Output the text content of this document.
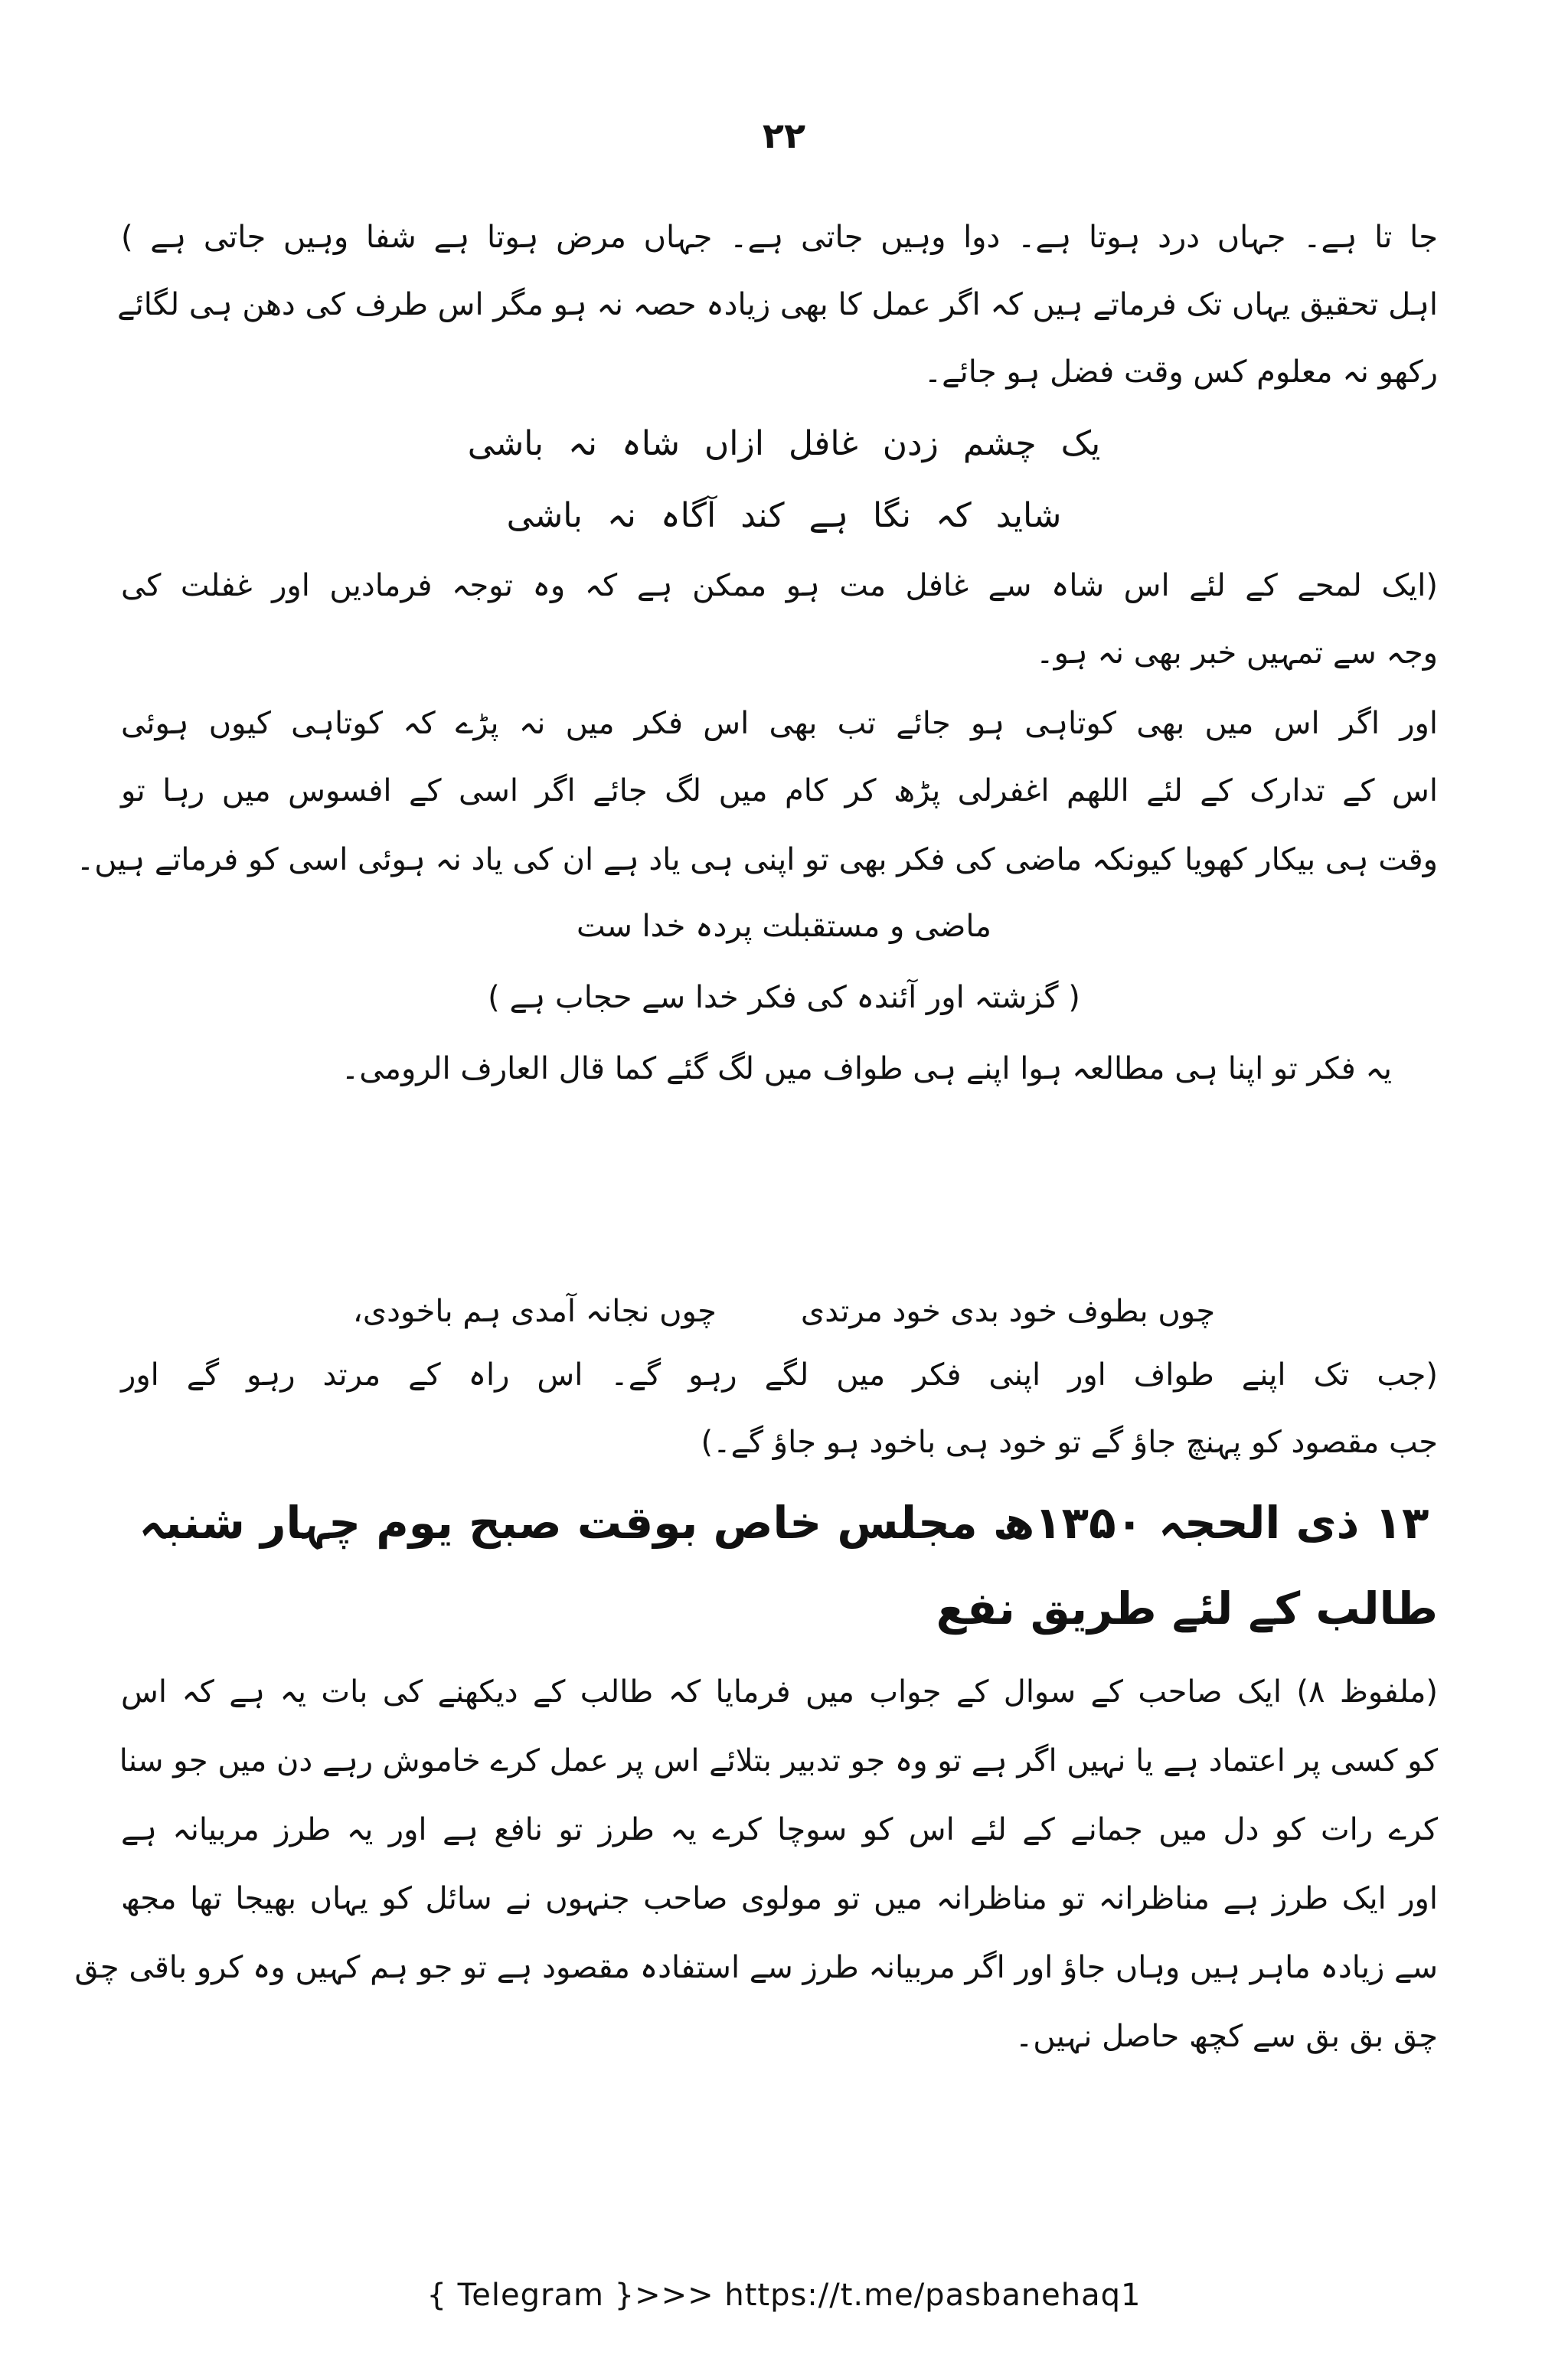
۲۲
جا تا ہے۔ جہاں درد ہوتا ہے۔ دوا وہیں جاتی ہے۔ جہاں مرض ہوتا ہے شفا وہیں جاتی ہے )
اہل تحقیق یہاں تک فرماتے ہیں کہ اگر عمل کا بھی زیادہ حصہ نہ ہو مگر اس طرف کی دھن ہی لگائے
رکھو نہ معلوم کس وقت فضل ہو جائے۔
یک چشم زدن غافل ازاں شاہ نہ باشی
شاید کہ نگا ہے کند آگاہ نہ باشی
(ایک لمحے کے لئے اس شاہ سے غافل مت ہو ممکن ہے کہ وہ توجہ فرمادیں اور غفلت کی
وجہ سے تمہیں خبر بھی نہ ہو۔
اور اگر اس میں بھی کوتاہی ہو جائے تب بھی اس فکر میں نہ پڑے کہ کوتاہی کیوں ہوئی
اس کے تدارک کے لئے اللھم اغفرلی پڑھ کر کام میں لگ جائے اگر اسی کے افسوس میں رہا تو
وقت ہی بیکار کھویا کیونکہ ماضی کی فکر بھی تو اپنی ہی یاد ہے ان کی یاد نہ ہوئی اسی کو فرماتے ہیں۔
ماضی و مستقبلت پردہ خدا ست
( گزشتہ اور آئندہ کی فکر خدا سے حجاب ہے )
یہ فکر تو اپنا ہی مطالعہ ہوا اپنے ہی طواف میں لگ گئے کما قال العارف الرومی۔
چوں بطوف خود بدی خود مرتدی
چوں نجانہ آمدی ہم باخودی،
(جب تک اپنے طواف اور اپنی فکر میں لگے رہو گے۔ اس راہ کے مرتد رہو گے اور
جب مقصود کو پہنچ جاؤ گے تو خود ہی باخود ہو جاؤ گے۔)
۱۳ ذی الحجہ ۱۳۵۰ھ مجلس خاص بوقت صبح یوم چہار شنبہ
طالب کے لئے طریق نفع
(ملفوظ ۸) ایک صاحب کے سوال کے جواب میں فرمایا کہ طالب کے دیکھنے کی بات یہ ہے کہ اس
کو کسی پر اعتماد ہے یا نہیں اگر ہے تو وہ جو تدبیر بتلائے اس پر عمل کرے خاموش رہے دن میں جو سنا
کرے رات کو دل میں جمانے کے لئے اس کو سوچا کرے یہ طرز تو نافع ہے اور یہ طرز مربیانہ ہے
اور ایک طرز ہے مناظرانہ تو مناظرانہ میں تو مولوی صاحب جنہوں نے سائل کو یہاں بھیجا تھا مجھ
سے زیادہ ماہر ہیں وہاں جاؤ اور اگر مربیانہ طرز سے استفادہ مقصود ہے تو جو ہم کہیں وہ کرو باقی چق
چق بق بق سے کچھ حاصل نہیں۔
{ Telegram }>>> https://t.me/pasbanehaq1
